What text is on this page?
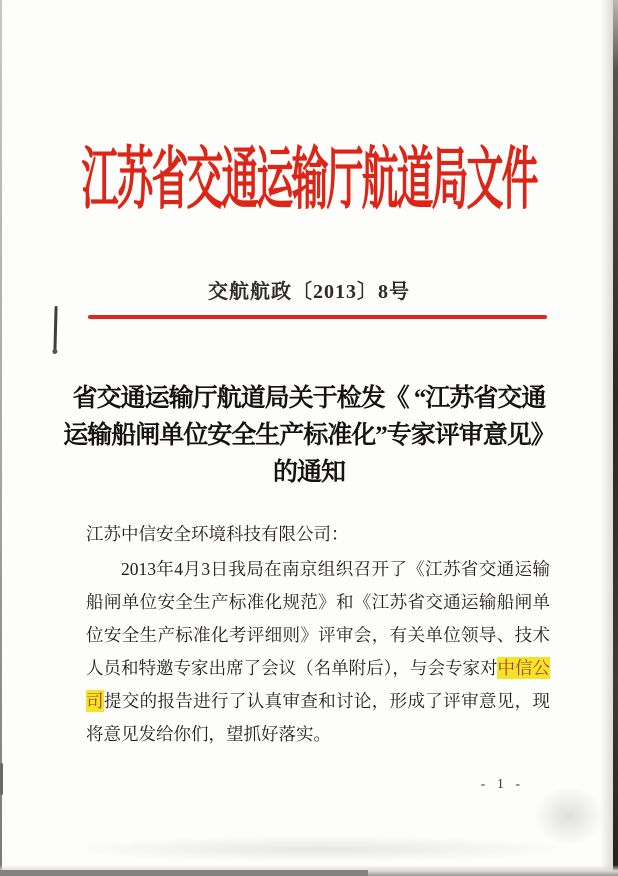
江苏省交通运输厅航道局文件
交航航政〔2013〕8号
省交通运输厅航道局关于检发《 “江苏省交通
运输船闸单位安全生产标准化”专家评审意见》
的通知
江苏中信安全环境科技有限公司：

2013年4月3日我局在南京组织召开了《江苏省交通运输船闸单位安全生产标准化规范》和《江苏省交通运输船闸单位安全生产标准化考评细则》评审会，有关单位领导、技术人员和特邀专家出席了会议（名单附后），与会专家对中信公司提交的报告进行了认真审查和讨论，形成了评审意见，现将意见发给你们，望抓好落实。

- 1 -
